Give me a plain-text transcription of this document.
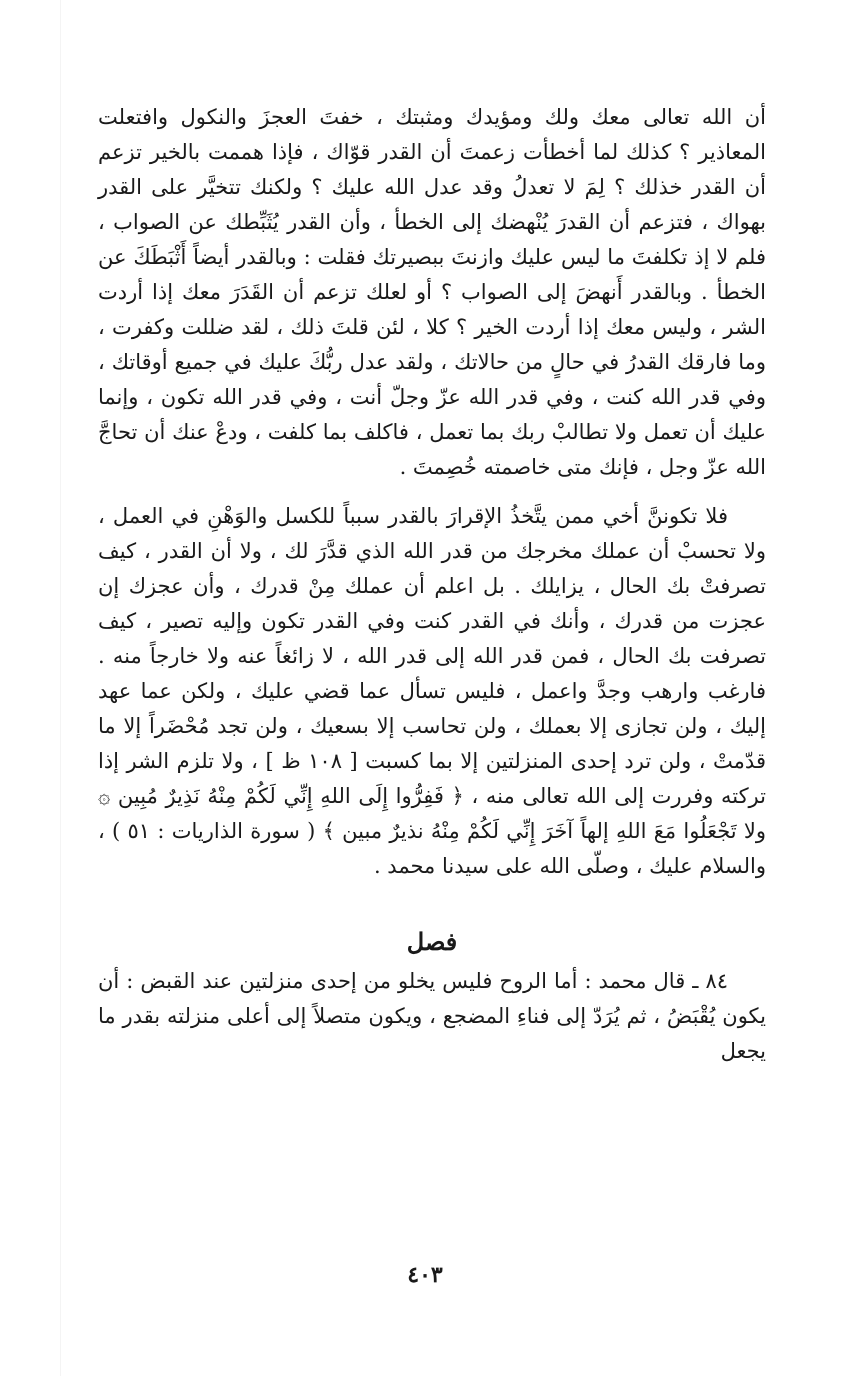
أن الله تعالى معك ولك ومؤيدك ومثبتك ، خفتَ العجزَ والنكول وافتعلت المعاذير ؟ كذلك لما أخطأت زعمتَ أن القدر قوّاك ، فإذا هممت بالخير تزعم أن القدر خذلك ؟ لِمَ لا تعدلُ وقد عدل الله عليك ؟ ولكنك تتخيَّر على القدر بهواك ، فتزعم أن القدرَ يُنْهضك إلى الخطأ ، وأن القدر يُثَبِّطك عن الصواب ، فلم لا إذ تكلفتَ ما ليس عليك وازنتَ ببصيرتك فقلت : وبالقدر أيضاً أَثْبَطَكَ عن الخطأ . وبالقدر أَنهضَ إلى الصواب ؟ أو لعلك تزعم أن القَدَرَ معك إذا أردت الشر ، وليس معك إذا أردت الخير ؟ كلا ، لئن قلتَ ذلك ، لقد ضللت وكفرت ، وما فارقك القدرُ في حالٍ من حالاتك ، ولقد عدل ربُّكَ عليك في جميع أوقاتك ، وفي قدر الله كنت ، وفي قدر الله عزّ وجلّ أنت ، وفي قدر الله تكون ، وإنما عليك أن تعمل ولا تطالبْ ربك بما تعمل ، فاكلف بما كلفت ، ودعْ عنك أن تحاجَّ الله عزّ وجل ، فإنك متى خاصمته خُصِمتَ .

فلا تكوننَّ أخي ممن يتَّخذُ الإقرارَ بالقدر سبباً للكسل والوَهْنِ في العمل ، ولا تحسبْ أن عملك مخرجك من قدر الله الذي قدَّرَ لك ، ولا أن القدر ، كيف تصرفتْ بك الحال ، يزايلك . بل اعلم أن عملك مِنْ قدرك ، وأن عجزك إن عجزت من قدرك ، وأنك في القدر كنت وفي القدر تكون وإليه تصير ، كيف تصرفت بك الحال ، فمن قدر الله إلى قدر الله ، لا زائغاً عنه ولا خارجاً منه . فارغب وارهب وجدَّ واعمل ، فليس تسأل عما قضي عليك ، ولكن عما عهد إليك ، ولن تجازى إلا بعملك ، ولن تحاسب إلا بسعيك ، ولن تجد مُحْضَراً إلا ما قدّمتْ ، ولن ترد إحدى المنزلتين إلا بما كسبت [ ١٠٨ ظ ] ، ولا تلزم الشر إذا تركته وفررت إلى الله تعالى منه ، ﴿ فَفِرُّوا إِلَى اللهِ إِنِّي لَكُمْ مِنْهُ نَذِيرٌ مُبِين ۞ ولا تَجْعَلُوا مَعَ اللهِ إلهاً آخَرَ إِنِّي لَكُمْ مِنْهُ نذيرٌ مبين ﴾ ( سورة الذاريات : ٥١ ) ، والسلام عليك ، وصلّى الله على سيدنا محمد .

فصل

٨٤ ـ قال محمد : أما الروح فليس يخلو من إحدى منزلتين عند القبض : أن يكون يُقْبَضُ ، ثم يُرَدّ إلى فناءِ المضجع ، ويكون متصلاً إلى أعلى منزلته بقدر ما يجعل

٤٠٣
